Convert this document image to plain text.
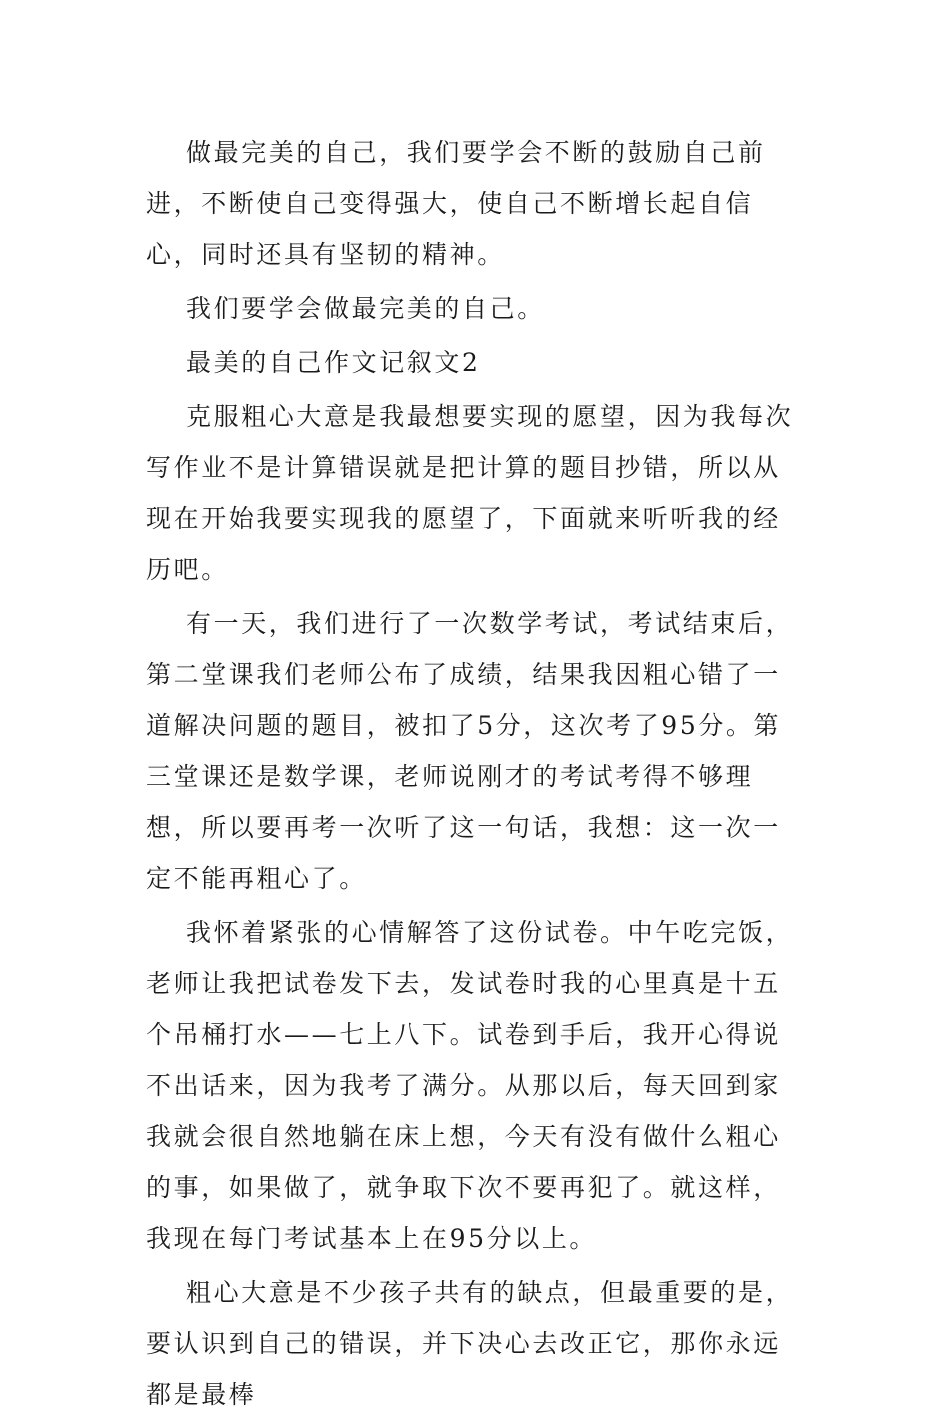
做最完美的自己，我们要学会不断的鼓励自己前进，不断使自己变得强大，使自己不断增长起自信心，同时还具有坚韧的精神。

我们要学会做最完美的自己。

最美的自己作文记叙文2

克服粗心大意是我最想要实现的愿望，因为我每次写作业不是计算错误就是把计算的题目抄错，所以从现在开始我要实现我的愿望了，下面就来听听我的经历吧。

有一天，我们进行了一次数学考试，考试结束后，第二堂课我们老师公布了成绩，结果我因粗心错了一道解决问题的题目，被扣了5分，这次考了95分。第三堂课还是数学课，老师说刚才的考试考得不够理想，所以要再考一次听了这一句话，我想：这一次一定不能再粗心了。

我怀着紧张的心情解答了这份试卷。中午吃完饭，老师让我把试卷发下去，发试卷时我的心里真是十五个吊桶打水——七上八下。试卷到手后，我开心得说不出话来，因为我考了满分。从那以后，每天回到家我就会很自然地躺在床上想，今天有没有做什么粗心的事，如果做了，就争取下次不要再犯了。就这样，我现在每门考试基本上在95分以上。

粗心大意是不少孩子共有的缺点，但最重要的是，要认识到自己的错误，并下决心去改正它，那你永远都是最棒
